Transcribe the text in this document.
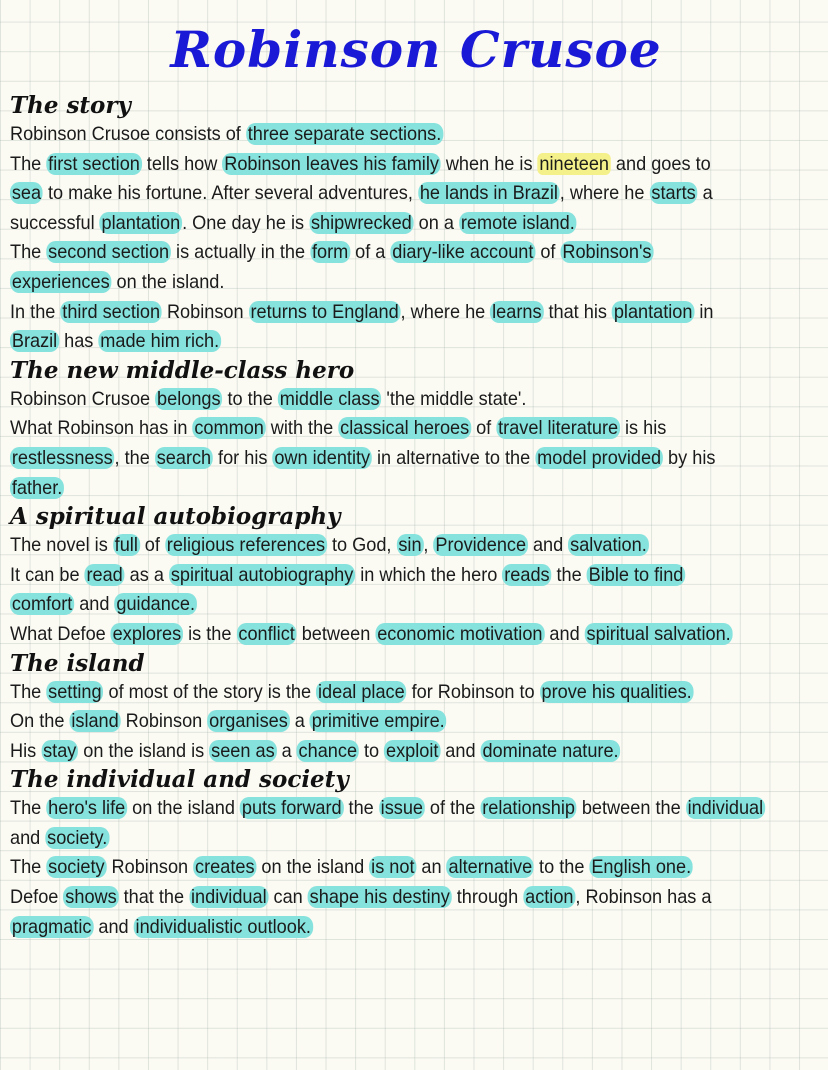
Robinson Crusoe
The story
Robinson Crusoe consists of three separate sections.
The first section tells how Robinson leaves his family when he is nineteen and goes to
sea to make his fortune. After several adventures, he lands in Brazil, where he starts a
successful plantation. One day he is shipwrecked on a remote island.
The second section is actually in the form of a diary-like account of Robinson's
experiences on the island.
In the third section Robinson returns to England, where he learns that his plantation in
Brazil has made him rich.
The new middle-class hero
Robinson Crusoe belongs to the middle class 'the middle state'.
What Robinson has in common with the classical heroes of travel literature is his
restlessness, the search for his own identity in alternative to the model provided by his
father.
A spiritual autobiography
The novel is full of religious references to God, sin, Providence and salvation.
It can be read as a spiritual autobiography in which the hero reads the Bible to find
comfort and guidance.
What Defoe explores is the conflict between economic motivation and spiritual salvation.
The island
The setting of most of the story is the ideal place for Robinson to prove his qualities.
On the island Robinson organises a primitive empire.
His stay on the island is seen as a chance to exploit and dominate nature.
The individual and society
The hero's life on the island puts forward the issue of the relationship between the individual
and society.
The society Robinson creates on the island is not an alternative to the English one.
Defoe shows that the individual can shape his destiny through action, Robinson has a
pragmatic and individualistic outlook.
